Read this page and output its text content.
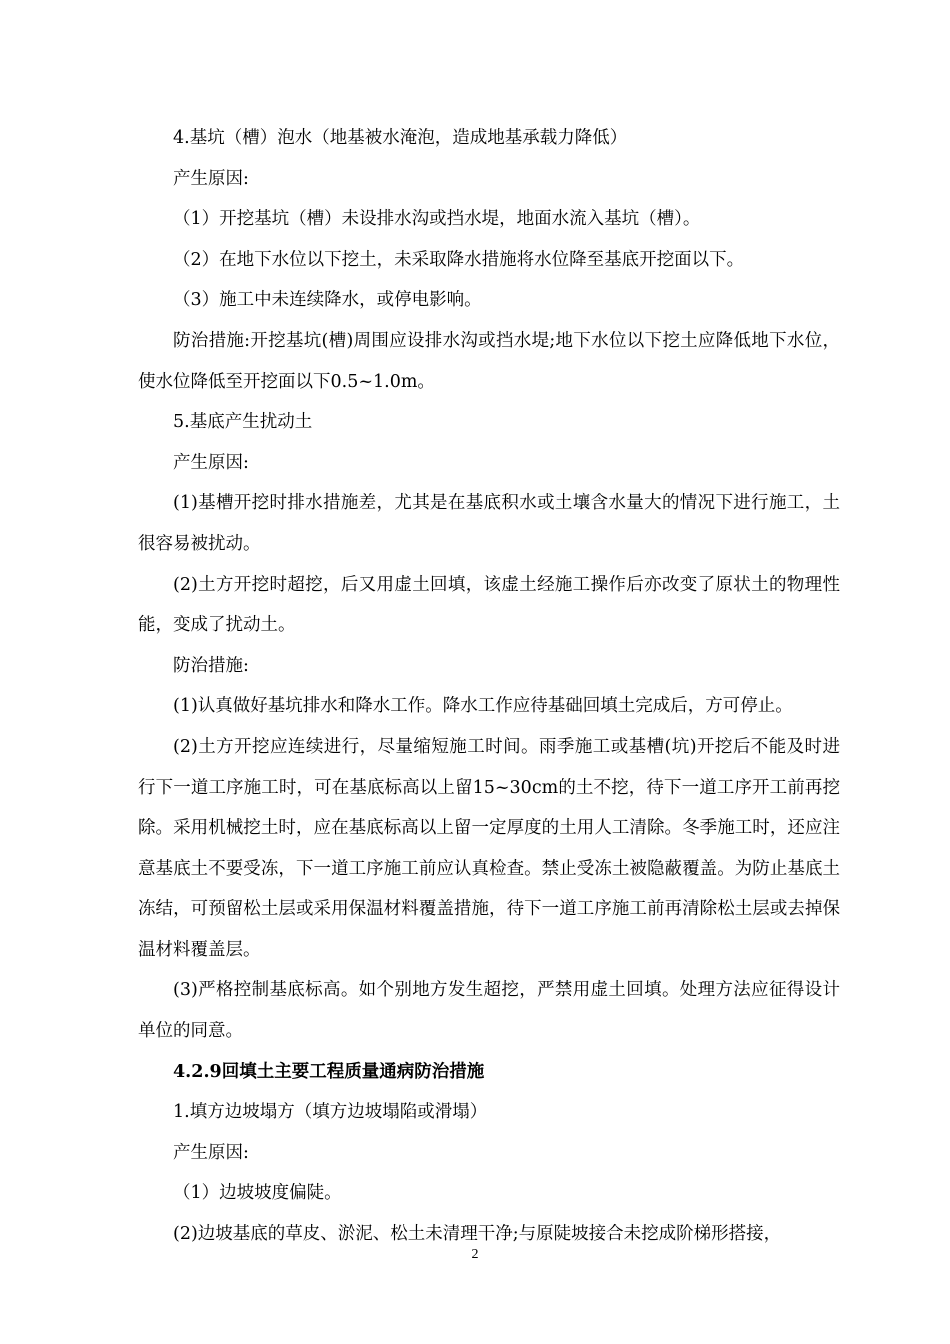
4.基坑（槽）泡水（地基被水淹泡，造成地基承载力降低）

产生原因:

（1）开挖基坑（槽）未设排水沟或挡水堤，地面水流入基坑（槽）。

（2）在地下水位以下挖土，未采取降水措施将水位降至基底开挖面以下。

（3）施工中未连续降水，或停电影响。

防治措施:开挖基坑(槽)周围应设排水沟或挡水堤;地下水位以下挖土应降低地下水位，使水位降低至开挖面以下0.5~1.0m。

5.基底产生扰动土

产生原因:

(1)基槽开挖时排水措施差，尤其是在基底积水或土壤含水量大的情况下进行施工，土很容易被扰动。

(2)土方开挖时超挖，后又用虚土回填，该虚土经施工操作后亦改变了原状土的物理性能，变成了扰动土。

防治措施:

(1)认真做好基坑排水和降水工作。降水工作应待基础回填土完成后，方可停止。

(2)土方开挖应连续进行，尽量缩短施工时间。雨季施工或基槽(坑)开挖后不能及时进行下一道工序施工时，可在基底标高以上留15~30cm的土不挖，待下一道工序开工前再挖除。采用机械挖土时，应在基底标高以上留一定厚度的土用人工清除。冬季施工时，还应注意基底土不要受冻，下一道工序施工前应认真检查。禁止受冻土被隐蔽覆盖。为防止基底土冻结，可预留松土层或采用保温材料覆盖措施，待下一道工序施工前再清除松土层或去掉保温材料覆盖层。

(3)严格控制基底标高。如个别地方发生超挖，严禁用虚土回填。处理方法应征得设计单位的同意。

4.2.9回填土主要工程质量通病防治措施

1.填方边坡塌方（填方边坡塌陷或滑塌）

产生原因:

（1）边坡坡度偏陡。

(2)边坡基底的草皮、淤泥、松土未清理干净;与原陡坡接合未挖成阶梯形搭接，

2
